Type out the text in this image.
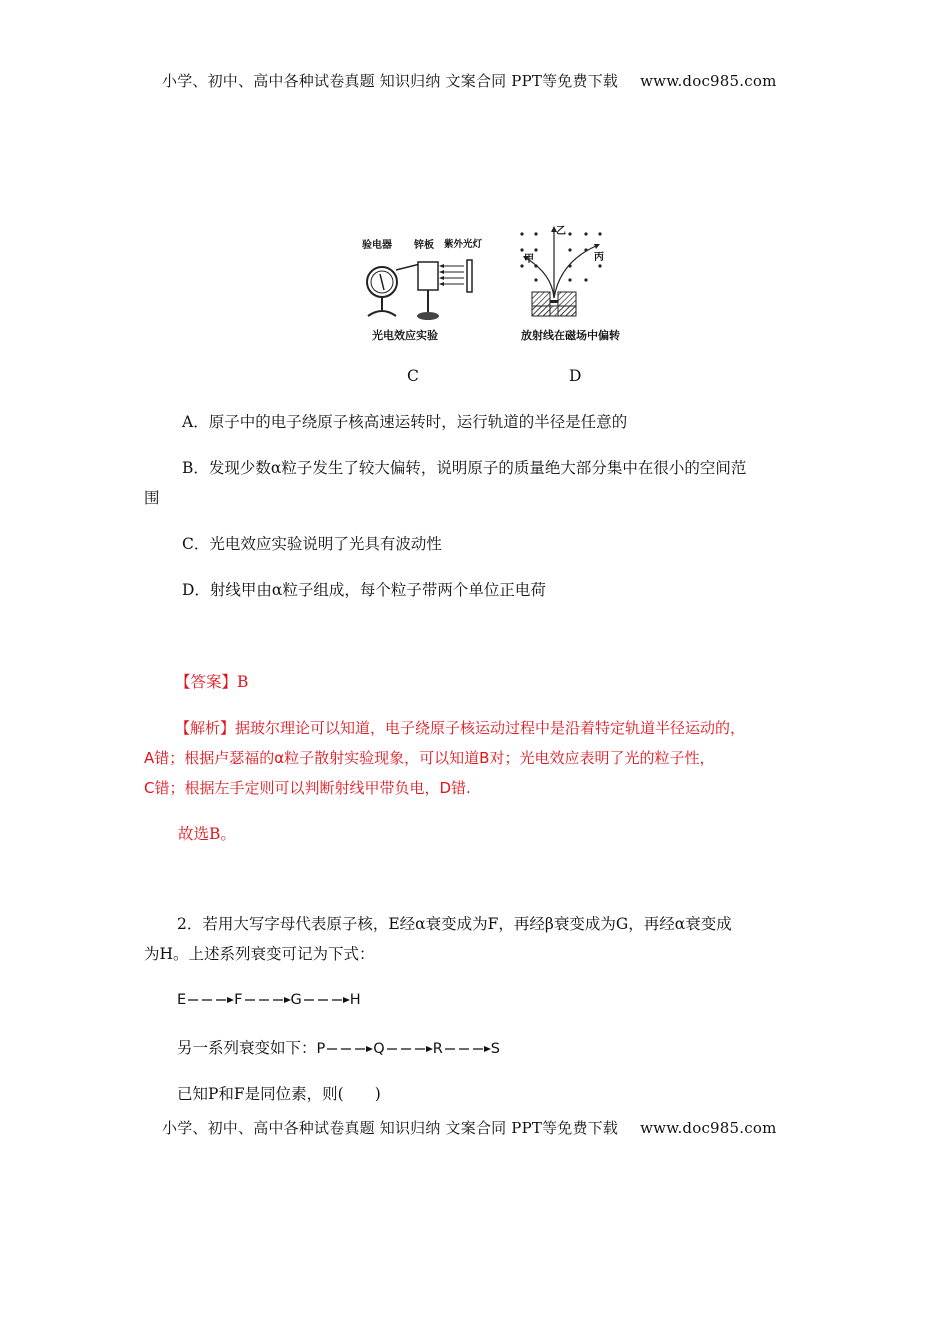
小学、初中、高中各种试卷真题 知识归纳 文案合同 PPT等免费下载 www.doc985.com
验电器 锌板 紫外光灯
光电效应实验
乙
甲	丙
放射线在磁场中偏转
C	D
A．原子中的电子绕原子核高速运转时，运行轨道的半径是任意的
B．发现少数α粒子发生了较大偏转，说明原子的质量绝大部分集中在很小的空间范
围
C．光电效应实验说明了光具有波动性
D．射线甲由α粒子组成，每个粒子带两个单位正电荷
【答案】B
【解析】据玻尔理论可以知道，电子绕原子核运动过程中是沿着特定轨道半径运动的，
A错；根据卢瑟福的α粒子散射实验现象，可以知道B对；光电效应表明了光的粒子性，
C错；根据左手定则可以判断射线甲带负电，D错.
故选B。
2．若用大写字母代表原子核，E经α衰变成为F，再经β衰变成为G，再经α衰变成
为H。上述系列衰变可记为下式：
E	F	G	H
另一系列衰变如下：P	Q	R	S
已知P和F是同位素，则(　　)
小学、初中、高中各种试卷真题 知识归纳 文案合同 PPT等免费下载 www.doc985.com
